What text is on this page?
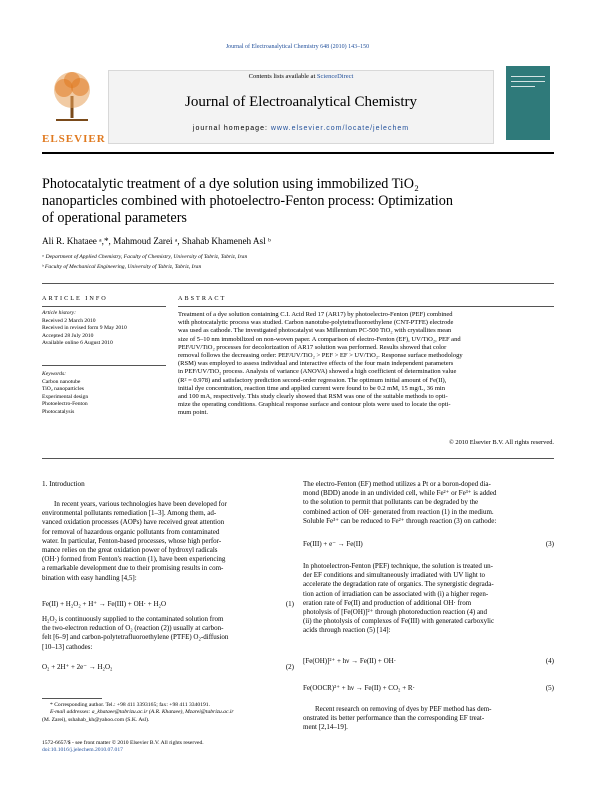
Journal of Electroanalytical Chemistry 648 (2010) 143–150
ELSEVIER
Contents lists available at ScienceDirect
Journal of Electroanalytical Chemistry
journal homepage: www.elsevier.com/locate/jelechem
Photocatalytic treatment of a dye solution using immobilized TiO₂
nanoparticles combined with photoelectro-Fenton process: Optimization
of operational parameters
Ali R. Khataee ᵃ,*, Mahmoud Zarei ᵃ, Shahab Khameneh Asl ᵇ
ᵃ Department of Applied Chemistry, Faculty of Chemistry, University of Tabriz, Tabriz, Iran
ᵇ Faculty of Mechanical Engineering, University of Tabriz, Tabriz, Iran
ARTICLE INFO
Article history:
Received 2 March 2010
Received in revised form 9 May 2010
Accepted 28 July 2010
Available online 6 August 2010
Keywords:
Carbon nanotube
TiO₂ nanoparticles
Experimental design
Photoelectro-Fenton
Photocatalysis
ABSTRACT
Treatment of a dye solution containing C.I. Acid Red 17 (AR17) by photoelectro-Fenton (PEF) combined
with photocatalytic process was studied. Carbon nanotube-polytetrafluoroethylene (CNT-PTFE) electrode
was used as cathode. The investigated photocatalyst was Millennium PC-500 TiO₂ with crystallites mean
size of 5–10 nm immobilized on non-woven paper. A comparison of electro-Fenton (EF), UV/TiO₂, PEF and
PEF/UV/TiO₂ processes for decolorization of AR17 solution was performed. Results showed that color
removal follows the decreasing order: PEF/UV/TiO₂ > PEF > EF > UV/TiO₂. Response surface methodology
(RSM) was employed to assess individual and interactive effects of the four main independent parameters
in PEF/UV/TiO₂ process. Analysis of variance (ANOVA) showed a high coefficient of determination value
(R² = 0.978) and satisfactory prediction second-order regression. The optimum initial amount of Fe(II),
initial dye concentration, reaction time and applied current were found to be 0.2 mM, 15 mg/L, 36 min
and 100 mA, respectively. This study clearly showed that RSM was one of the suitable methods to opti-
mize the operating conditions. Graphical response surface and contour plots were used to locate the opti-
mum point.
© 2010 Elsevier B.V. All rights reserved.
1. Introduction
In recent years, various technologies have been developed for
environmental pollutants remediation [1–3]. Among them, ad-
vanced oxidation processes (AOPs) have received great attention
for removal of hazardous organic pollutants from contaminated
water. In particular, Fenton-based processes, whose high perfor-
mance relies on the great oxidation power of hydroxyl radicals
(OH·) formed from Fenton's reaction (1), have been experiencing
a remarkable development due to their promising results in com-
bination with easy handling [4,5]:
Fe(II) + H₂O₂ + H⁺ → Fe(III) + OH· + H₂O	(1)
H₂O₂ is continuously supplied to the contaminated solution from
the two-electron reduction of O₂ (reaction (2)) usually at carbon-
felt [6–9] and carbon-polytetrafluoroethylene (PTFE) O₂-diffusion
[10–13] cathodes:
O₂ + 2H⁺ + 2e⁻ → H₂O₂	(2)
* Corresponding author. Tel.: +98 411 3393165; fax: +98 411 3340191.
E-mail addresses: a_khataee@tabrizu.ac.ir (A.R. Khataee), Mzarei@tabrizu.ac.ir
(M. Zarei), sshahab_kh@yahoo.com (S.K. Asl).
1572-6657/$ - see front matter © 2010 Elsevier B.V. All rights reserved.
doi:10.1016/j.jelechem.2010.07.017
The electro-Fenton (EF) method utilizes a Pt or a boron-doped dia-
mond (BDD) anode in an undivided cell, while Fe²⁺ or Fe³⁺ is added
to the solution to permit that pollutants can be degraded by the
combined action of OH· generated from reaction (1) in the medium.
Soluble Fe³⁺ can be reduced to Fe²⁺ through reaction (3) on cathode:
Fe(III) + e⁻ → Fe(II)	(3)
In photoelectron-Fenton (PEF) technique, the solution is treated un-
der EF conditions and simultaneously irradiated with UV light to
accelerate the degradation rate of organics. The synergistic degrada-
tion action of irradiation can be associated with (i) a higher regen-
eration rate of Fe(II) and production of additional OH· from
photolysis of [Fe(OH)]²⁺ through photoreduction reaction (4) and
(ii) the photolysis of complexes of Fe(III) with generated carboxylic
acids through reaction (5) [14]:
[Fe(OH)]²⁺ + hν → Fe(II) + OH·	(4)
Fe(OOCR)²⁺ + hν → Fe(II) + CO₂ + R·	(5)
Recent research on removing of dyes by PEF method has dem-
onstrated its better performance than the corresponding EF treat-
ment [2,14–19].
